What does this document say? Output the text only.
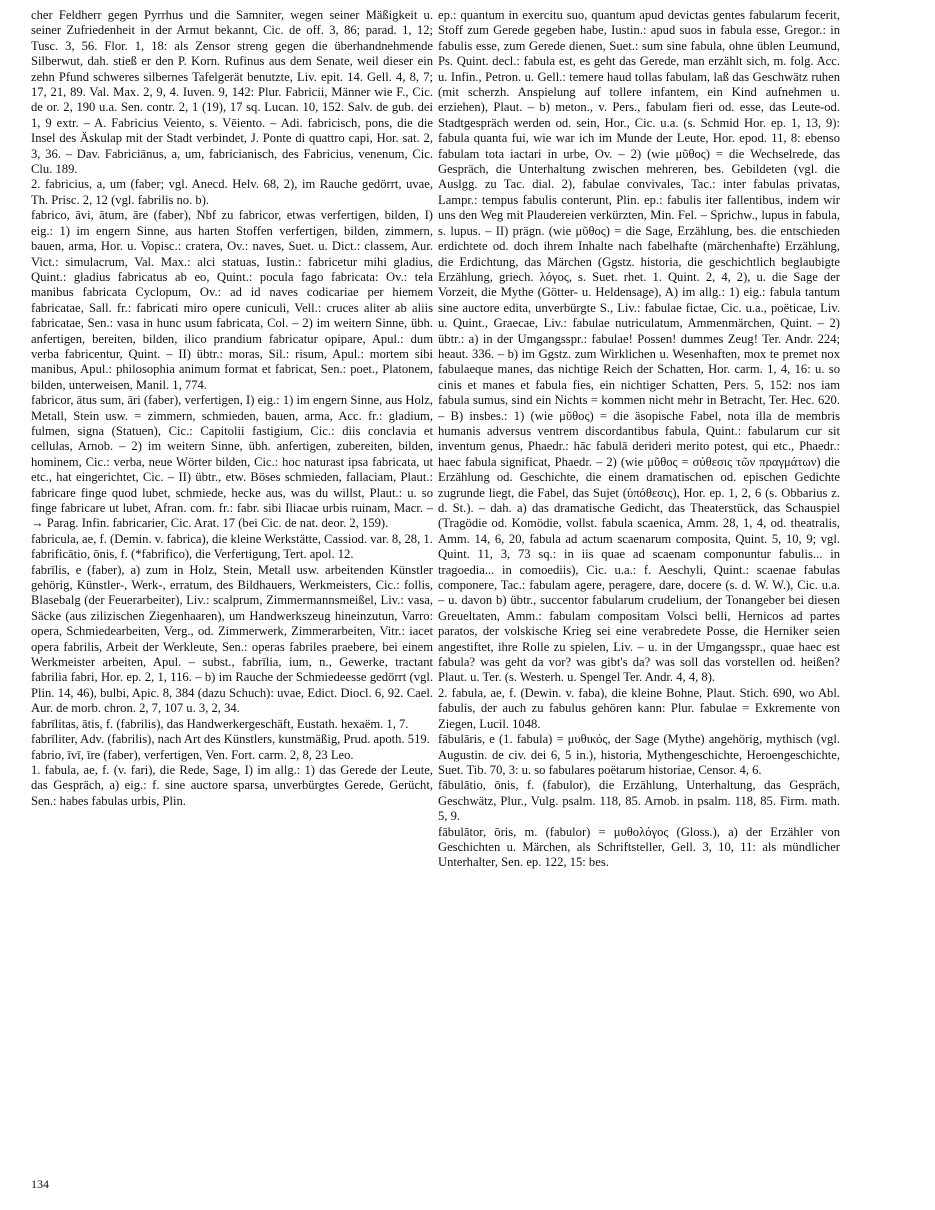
cher Feldherr gegen Pyrrhus und die Samniter, wegen seiner Mäßigkeit u. seiner Zufriedenheit in der Armut bekannt, Cic. de off. 3, 86; parad. 1, 12; Tusc. 3, 56. Flor. 1, 18: als Zensor streng gegen die überhandnehmende Silberwut, dah. stieß er den P. Korn. Rufinus aus dem Senate, weil dieser ein zehn Pfund schweres silbernes Tafelgerät benutzte, Liv. epit. 14. Gell. 4, 8, 7; 17, 21, 89. Val. Max. 2, 9, 4. Iuven. 9, 142: Plur. Fabricii, Männer wie F., Cic. de or. 2, 190 u.a. Sen. contr. 2, 1 (19), 17 sq. Lucan. 10, 152. Salv. de gub. dei 1, 9 extr. – A. Fabricius Veiento, s. Vēiento. – Adi. fabricisch, pons, die die Insel des Äskulap mit der Stadt verbindet, J. Ponte di quattro capi, Hor. sat. 2, 3, 36. – Dav. Fabriciānus, a, um, fabricianisch, des Fabricius, venenum, Cic. Clu. 189.

2. fabricius, a, um (faber; vgl. Anecd. Helv. 68, 2), im Rauche gedörrt, uvae, Th. Prisc. 2, 12 (vgl. fabrilis no. b).

fabrico, āvi, ātum, āre (faber), Nbf zu fabricor, etwas verfertigen, bilden, I) eig.: 1) im engern Sinne, aus harten Stoffen verfertigen, bilden, zimmern, bauen, arma, Hor. u. Vopisc.: cratera, Ov.: naves, Suet. u. Dict.: classem, Aur. Vict.: simulacrum, Val. Max.: alci statuas, Iustin.: fabricetur mihi gladius, Quint.: gladius fabricatus ab eo, Quint.: pocula fago fabricata: Ov.: tela manibus fabricata Cyclopum, Ov.: ad id naves codicariae per hiemem fabricatae, Sall. fr.: fabricati miro opere cuniculi, Vell.: cruces aliter ab aliis fabricatae, Sen.: vasa in hunc usum fabricata, Col. – 2) im weitern Sinne, übh. anfertigen, bereiten, bilden, ilico prandium fabricatur opipare, Apul.: dum verba fabricentur, Quint. – II) übtr.: moras, Sil.: risum, Apul.: mortem sibi manibus, Apul.: philosophia animum format et fabricat, Sen.: poet., Platonem, bilden, unterweisen, Manil. 1, 774.

fabricor, ātus sum, āri (faber), verfertigen, I) eig.: 1) im engern Sinne, aus Holz, Metall, Stein usw. = zimmern, schmieden, bauen, arma, Acc. fr.: gladium, fulmen, signa (Statuen), Cic.: Capitolii fastigium, Cic.: diis conclavia et cellulas, Arnob. – 2) im weitern Sinne, übh. anfertigen, zubereiten, bilden, hominem, Cic.: verba, neue Wörter bilden, Cic.: hoc naturast ipsa fabricata, ut etc., hat eingerichtet, Cic. – II) übtr., etw. Böses schmieden, fallaciam, Plaut.: fabricare finge quod lubet, schmiede, hecke aus, was du willst, Plaut.: u. so finge fabricare ut lubet, Afran. com. fr.: fabr. sibi Iliacae urbis ruinam, Macr. – → Parag. Infin. fabricarier, Cic. Arat. 17 (bei Cic. de nat. deor. 2, 159).

fabricula, ae, f. (Demin. v. fabrica), die kleine Werkstätte, Cassiod. var. 8, 28, 1.

fabrificātio, ōnis, f. (*fabrifico), die Verfertigung, Tert. apol. 12.

fabrīlis, e (faber), a) zum in Holz, Stein, Metall usw. arbeitenden Künstler gehörig, Künstler-, Werk-, erratum, des Bildhauers, Werkmeisters, Cic.: follis, Blasebalg (der Feuerarbeiter), Liv.: scalprum, Zimmermannsmeißel, Liv.: vasa, Säcke (aus zilizischen Ziegenhaaren), um Handwerkszeug hineinzutun, Varro: opera, Schmiedearbeiten, Verg., od. Zimmerwerk, Zimmerarbeiten, Vitr.: iacet opera fabrilis, Arbeit der Werkleute, Sen.: operas fabriles praebere, bei einem Werkmeister arbeiten, Apul. – subst., fabrīlia, ium, n., Gewerke, tractant fabrilia fabri, Hor. ep. 2, 1, 116. – b) im Rauche der Schmiedeesse gedörrt (vgl. Plin. 14, 46), bulbi, Apic. 8, 384 (dazu Schuch): uvae, Edict. Diocl. 6, 92. Cael. Aur. de morb. chron. 2, 7, 107 u. 3, 2, 34.

fabrīlitas, ātis, f. (fabrilis), das Handwerkergeschäft, Eustath. hexaëm. 1, 7.

fabrīliter, Adv. (fabrilis), nach Art des Künstlers, kunstmäßig, Prud. apoth. 519.

fabrio, īvī, īre (faber), verfertigen, Ven. Fort. carm. 2, 8, 23 Leo.

1. fabula, ae, f. (v. fari), die Rede, Sage, I) im allg.: 1) das Gerede der Leute, das Gespräch, a) eig.: f. sine auctore sparsa, unverbürgtes Gerede, Gerücht, Sen.: habes fabulas urbis, Plin.

ep.: quantum in exercitu suo, quantum apud devictas gentes fabularum fecerit, Stoff zum Gerede gegeben habe, Iustin.: apud suos in fabula esse, Gregor.: in fabulis esse, zum Gerede dienen, Suet.: sum sine fabula, ohne üblen Leumund, Ps. Quint. decl.: fabula est, es geht das Gerede, man erzählt sich, m. folg. Acc. u. Infin., Petron. u. Gell.: temere haud tollas fabulam, laß das Geschwätz ruhen (mit scherzh. Anspielung auf tollere infantem, ein Kind aufnehmen u. erziehen), Plaut. – b) meton., v. Pers., fabulam fieri od. esse, das Leute-od. Stadtgespräch werden od. sein, Hor., Cic. u.a. (s. Schmid Hor. ep. 1, 13, 9): fabula quanta fui, wie war ich im Munde der Leute, Hor. epod. 11, 8: ebenso fabulam tota iactari in urbe, Ov. – 2) (wie μῦθος) = die Wechselrede, das Gespräch, die Unterhaltung zwischen mehreren, bes. Gebildeten (vgl. die Auslgg. zu Tac. dial. 2), fabulae convivales, Tac.: inter fabulas privatas, Lampr.: tempus fabulis conterunt, Plin. ep.: fabulis iter fallentibus, indem wir uns den Weg mit Plaudereien verkürzten, Min. Fel. – Sprichw., lupus in fabula, s. lupus. – II) prägn. (wie μῦθος) = die Sage, Erzählung, bes. die entschieden erdichtete od. doch ihrem Inhalte nach fabelhafte (märchenhafte) Erzählung, die Erdichtung, das Märchen (Ggstz. historia, die geschichtlich beglaubigte Erzählung, griech. λόγος, s. Suet. rhet. 1. Quint. 2, 4, 2), u. die Sage der Vorzeit, die Mythe (Götter- u. Heldensage), A) im allg.: 1) eig.: fabula tantum sine auctore edita, unverbürgte S., Liv.: fabulae fictae, Cic. u.a., poëticae, Liv. u. Quint., Graecae, Liv.: fabulae nutriculatum, Ammenmärchen, Quint. – 2) übtr.: a) in der Umgangsspr.: fabulae! Possen! dummes Zeug! Ter. Andr. 224; heaut. 336. – b) im Ggstz. zum Wirklichen u. Wesenhaften, mox te premet nox fabulaeque manes, das nichtige Reich der Schatten, Hor. carm. 1, 4, 16: u. so cinis et manes et fabula fies, ein nichtiger Schatten, Pers. 5, 152: nos iam fabula sumus, sind ein Nichts = kommen nicht mehr in Betracht, Ter. Hec. 620. – B) insbes.: 1) (wie μῦθος) = die äsopische Fabel, nota illa de membris humanis adversus ventrem discordantibus fabula, Quint.: fabularum cur sit inventum genus, Phaedr.: hāc fabulā derideri merito potest, qui etc., Phaedr.: haec fabula significat, Phaedr. – 2) (wie μῦθος = σύθεσις τῶν πραγμάτων) die Erzählung od. Geschichte, die einem dramatischen od. epischen Gedichte zugrunde liegt, die Fabel, das Sujet (ὑπόθεσις), Hor. ep. 1, 2, 6 (s. Obbarius z. d. St.). – dah. a) das dramatische Gedicht, das Theaterstück, das Schauspiel (Tragödie od. Komödie, vollst. fabula scaenica, Amm. 28, 1, 4, od. theatralis, Amm. 14, 6, 20, fabula ad actum scaenarum composita, Quint. 5, 10, 9; vgl. Quint. 11, 3, 73 sq.: in iis quae ad scaenam componuntur fabulis... in tragoedia... in comoediis), Cic. u.a.: f. Aeschyli, Quint.: scaenae fabulas componere, Tac.: fabulam agere, peragere, dare, docere (s. d. W. W.), Cic. u.a. – u. davon b) übtr., succentor fabularum crudelium, der Tonangeber bei diesen Greueltaten, Amm.: fabulam compositam Volsci belli, Hernicos ad partes paratos, der volskische Krieg sei eine verabredete Posse, die Herniker seien angestiftet, ihre Rolle zu spielen, Liv. – u. in der Umgangsspr., quae haec est fabula? was geht da vor? was gibt's da? was soll das vorstellen od. heißen? Plaut. u. Ter. (s. Westerh. u. Spengel Ter. Andr. 4, 4, 8).

2. fabula, ae, f. (Dewin. v. faba), die kleine Bohne, Plaut. Stich. 690, wo Abl. fabulis, der auch zu fabulus gehören kann: Plur. fabulae = Exkremente von Ziegen, Lucil. 1048.

fābulāris, e (1. fabula) = μυθικός, der Sage (Mythe) angehörig, mythisch (vgl. Augustin. de civ. dei 6, 5 in.), historia, Mythengeschichte, Heroengeschichte, Suet. Tib. 70, 3: u. so fabulares poëtarum historiae, Censor. 4, 6.

fābulātio, ōnis, f. (fabulor), die Erzählung, Unterhaltung, das Gespräch, Geschwätz, Plur., Vulg. psalm. 118, 85. Arnob. in psalm. 118, 85. Firm. math. 5, 9.

fābulātor, ōris, m. (fabulor) = μυθολόγος (Gloss.), a) der Erzähler von Geschichten u. Märchen, als Schriftsteller, Gell. 3, 10, 11: als mündlicher Unterhalter, Sen. ep. 122, 15: bes.

134
